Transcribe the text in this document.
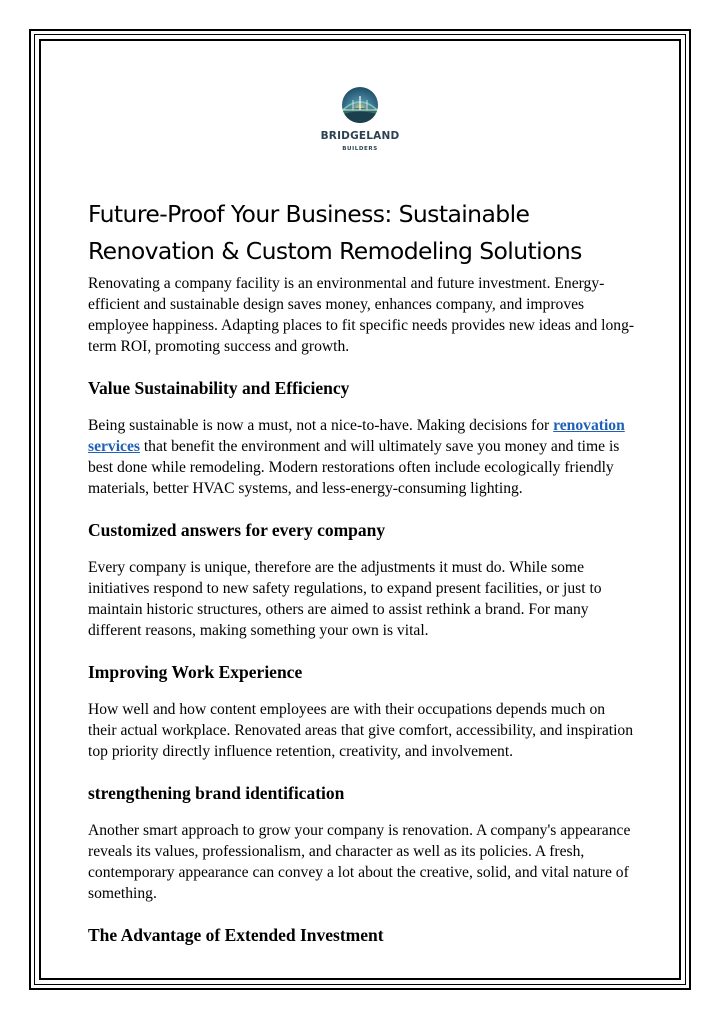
BRIDGELAND
BUILDERS
Future-Proof Your Business: Sustainable Renovation & Custom Remodeling Solutions

Renovating a company facility is an environmental and future investment. Energy-efficient and sustainable design saves money, enhances company, and improves employee happiness. Adapting places to fit specific needs provides new ideas and long-term ROI, promoting success and growth.

Value Sustainability and Efficiency

Being sustainable is now a must, not a nice-to-have. Making decisions for renovation services that benefit the environment and will ultimately save you money and time is best done while remodeling. Modern restorations often include ecologically friendly materials, better HVAC systems, and less-energy-consuming lighting.

Customized answers for every company

Every company is unique, therefore are the adjustments it must do. While some initiatives respond to new safety regulations, to expand present facilities, or just to maintain historic structures, others are aimed to assist rethink a brand. For many different reasons, making something your own is vital.

Improving Work Experience

How well and how content employees are with their occupations depends much on their actual workplace. Renovated areas that give comfort, accessibility, and inspiration top priority directly influence retention, creativity, and involvement.

strengthening brand identification

Another smart approach to grow your company is renovation. A company's appearance reveals its values, professionalism, and character as well as its policies. A fresh, contemporary appearance can convey a lot about the creative, solid, and vital nature of something.

The Advantage of Extended Investment
